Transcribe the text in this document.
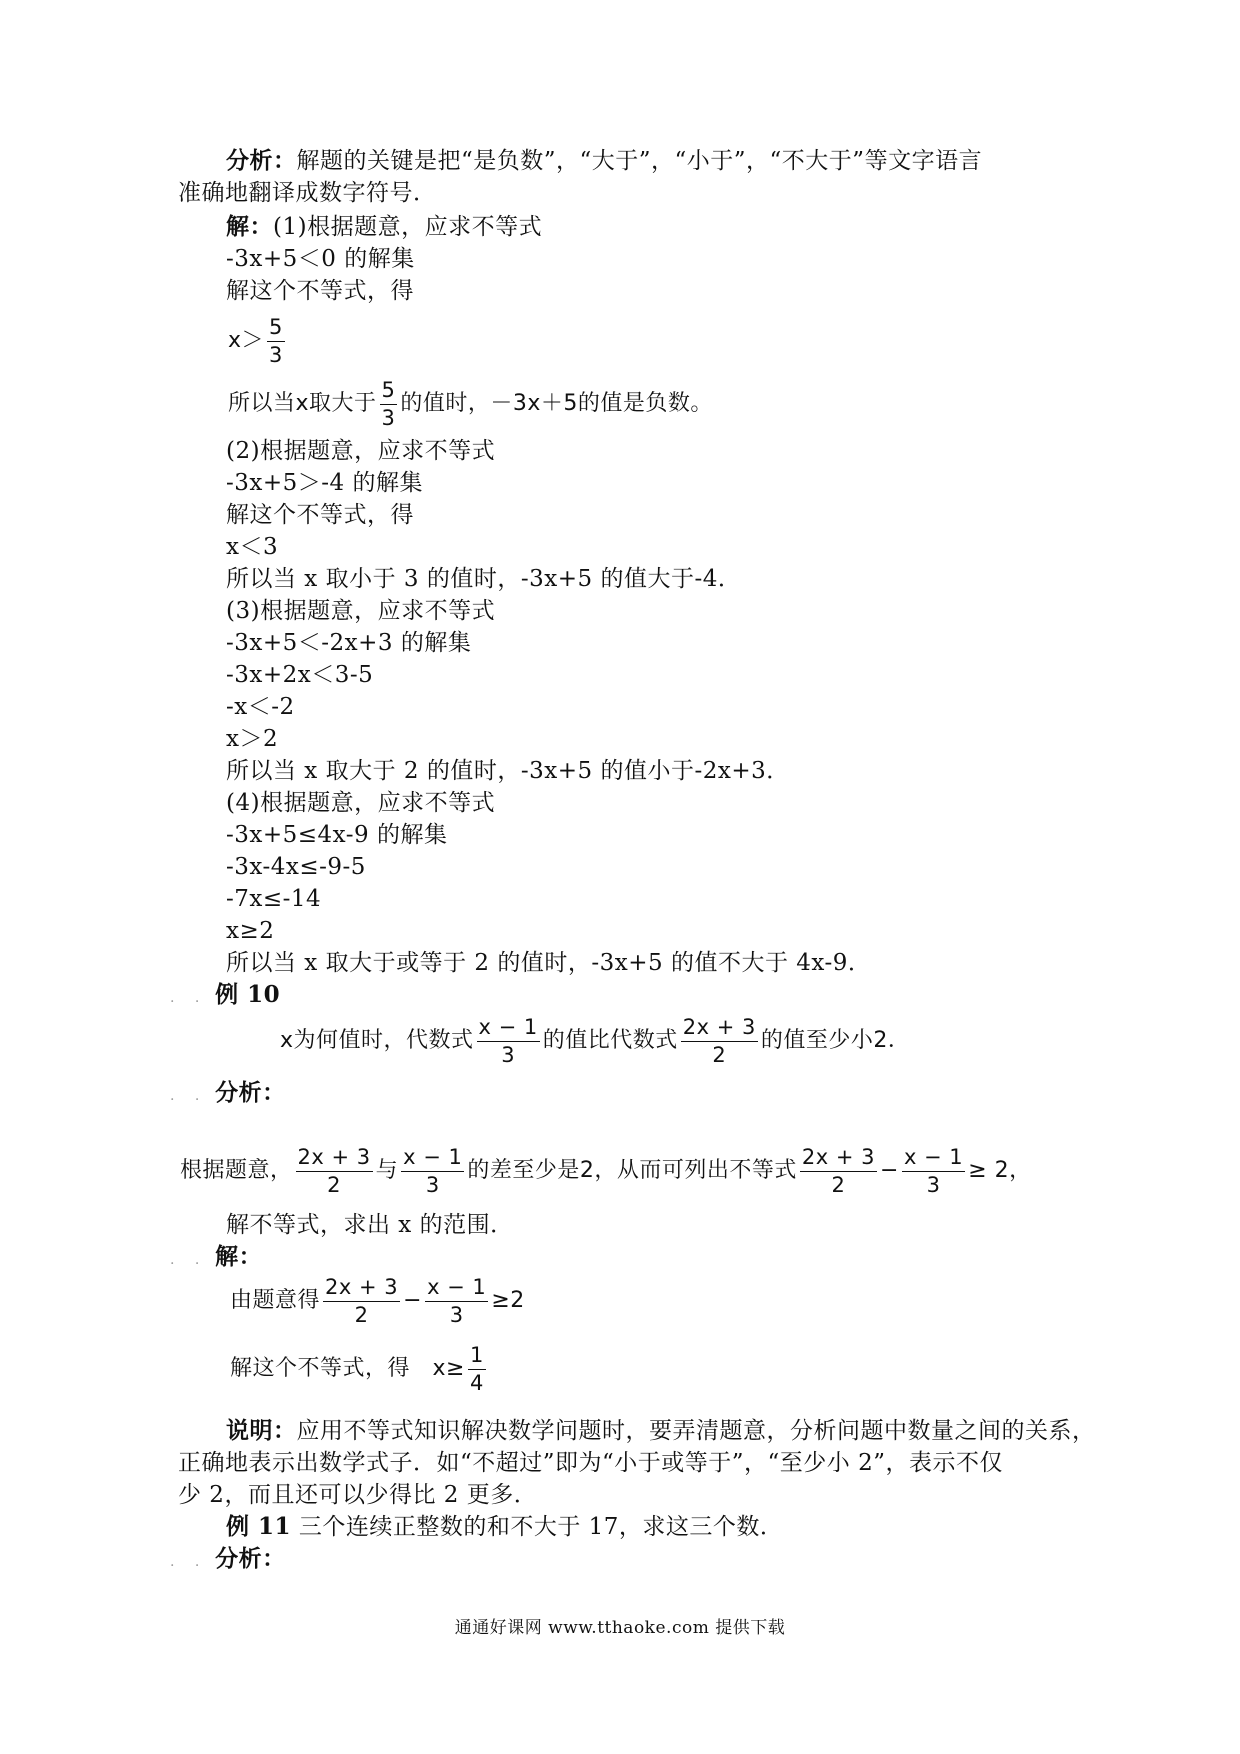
分析：解题的关键是把“是负数”，“大于”，“小于”，“不大于”等文字语言
准确地翻译成数字符号．
解：(1)根据题意，应求不等式
-3x+5＜0 的解集
解这个不等式，得
$x> \frac{5}{3}$
所以当x取大于 $\frac{5}{3}$ 的值时，－3x＋5的值是负数。
(2)根据题意，应求不等式
-3x+5＞-4 的解集
解这个不等式，得
x＜3
所以当 x 取小于 3 的值时，-3x+5 的值大于-4．
(3)根据题意，应求不等式
-3x+5＜-2x+3 的解集
-3x+2x＜3-5
-x＜-2
x＞2
所以当 x 取大于 2 的值时，-3x+5 的值小于-2x+3．
(4)根据题意，应求不等式
-3x+5≤4x-9 的解集
-3x-4x≤-9-5
-7x≤-14
x≥2
所以当 x 取大于或等于 2 的值时，-3x+5 的值不大于 4x-9．
. . 例 10
x为何值时，代数式 $\frac{x - 1}{3}$ 的值比代数式 $\frac{2x + 3}{2}$ 的值至少小2．
. . 分析：
根据题意， $\frac{2x + 3}{2}$ 与 $\frac{x - 1}{3}$ 的差至少是2，从而可列出不等式 $\frac{2x + 3}{2} - \frac{x - 1}{3} \ge 2$，
解不等式，求出 x 的范围．
. . 解：
由题意得 $\frac{2x + 3}{2} - \frac{x - 1}{3} \ge 2$
解这个不等式，得 $x\ge \frac{1}{4}$
说明：应用不等式知识解决数学问题时，要弄清题意，分析问题中数量之间的关系，
正确地表示出数学式子．如“不超过”即为“小于或等于”，“至少小 2”，表示不仅
少 2，而且还可以少得比 2 更多．
例 11 三个连续正整数的和不大于 17，求这三个数．
. . 分析：
通通好课网 www.tthaoke.com 提供下载
